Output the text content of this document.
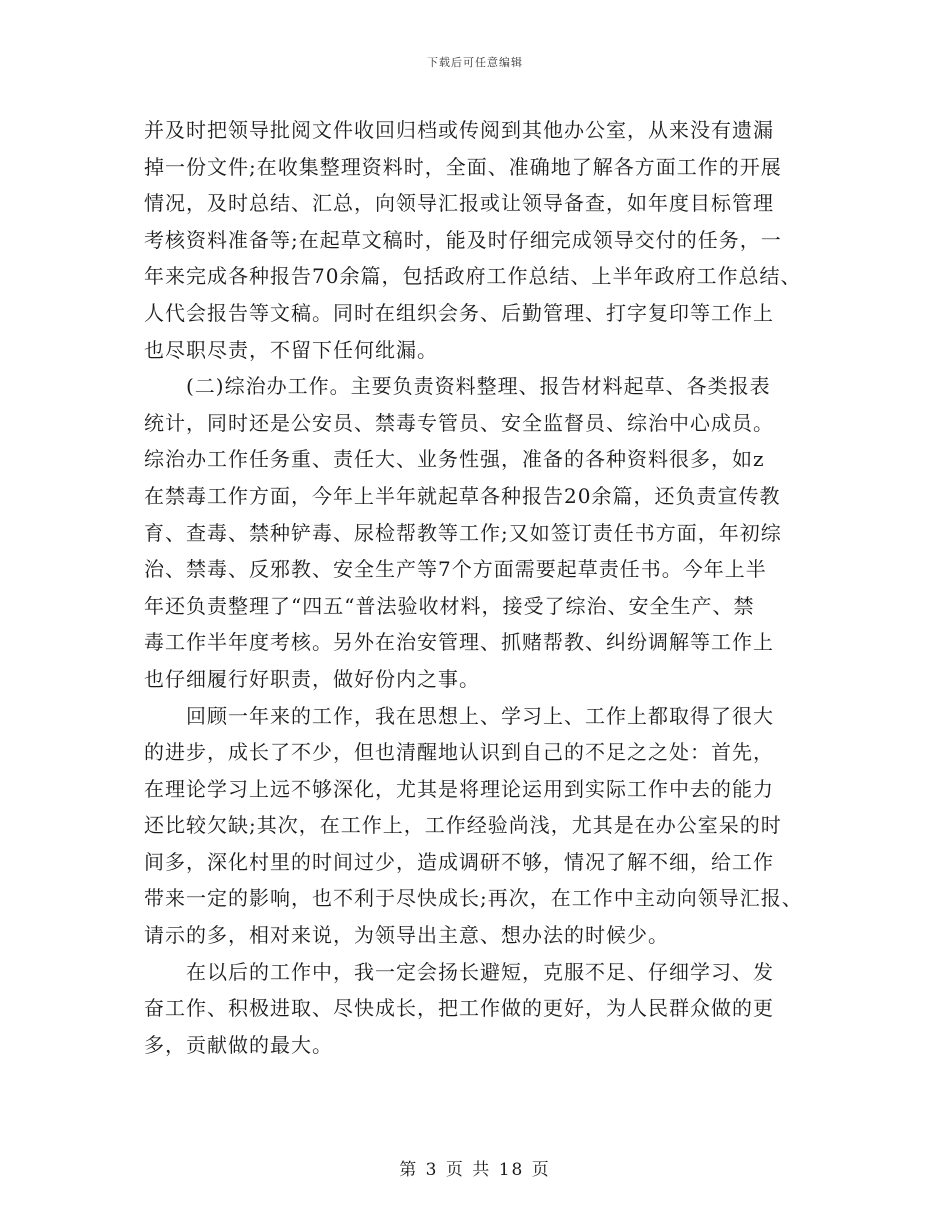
下载后可任意编辑
并及时把领导批阅文件收回归档或传阅到其他办公室，从来没有遗漏
掉一份文件;在收集整理资料时，全面、准确地了解各方面工作的开展
情况，及时总结、汇总，向领导汇报或让领导备查，如年度目标管理
考核资料准备等;在起草文稿时，能及时仔细完成领导交付的任务，一
年来完成各种报告70余篇，包括政府工作总结、上半年政府工作总结、
人代会报告等文稿。同时在组织会务、后勤管理、打字复印等工作上
也尽职尽责，不留下任何纰漏。
(二)综治办工作。主要负责资料整理、报告材料起草、各类报表
统计，同时还是公安员、禁毒专管员、安全监督员、综治中心成员。
综治办工作任务重、责任大、业务性强，准备的各种资料很多，如z
在禁毒工作方面，今年上半年就起草各种报告20余篇，还负责宣传教
育、查毒、禁种铲毒、尿检帮教等工作;又如签订责任书方面，年初综
治、禁毒、反邪教、安全生产等7个方面需要起草责任书。今年上半
年还负责整理了“四五“普法验收材料，接受了综治、安全生产、禁
毒工作半年度考核。另外在治安管理、抓赌帮教、纠纷调解等工作上
也仔细履行好职责，做好份内之事。
回顾一年来的工作，我在思想上、学习上、工作上都取得了很大
的进步，成长了不少，但也清醒地认识到自己的不足之之处：首先，
在理论学习上远不够深化，尤其是将理论运用到实际工作中去的能力
还比较欠缺;其次，在工作上，工作经验尚浅，尤其是在办公室呆的时
间多，深化村里的时间过少，造成调研不够，情况了解不细，给工作
带来一定的影响，也不利于尽快成长;再次，在工作中主动向领导汇报、
请示的多，相对来说，为领导出主意、想办法的时候少。
在以后的工作中，我一定会扬长避短，克服不足、仔细学习、发
奋工作、积极进取、尽快成长，把工作做的更好，为人民群众做的更
多，贡献做的最大。
第 3 页 共 18 页
